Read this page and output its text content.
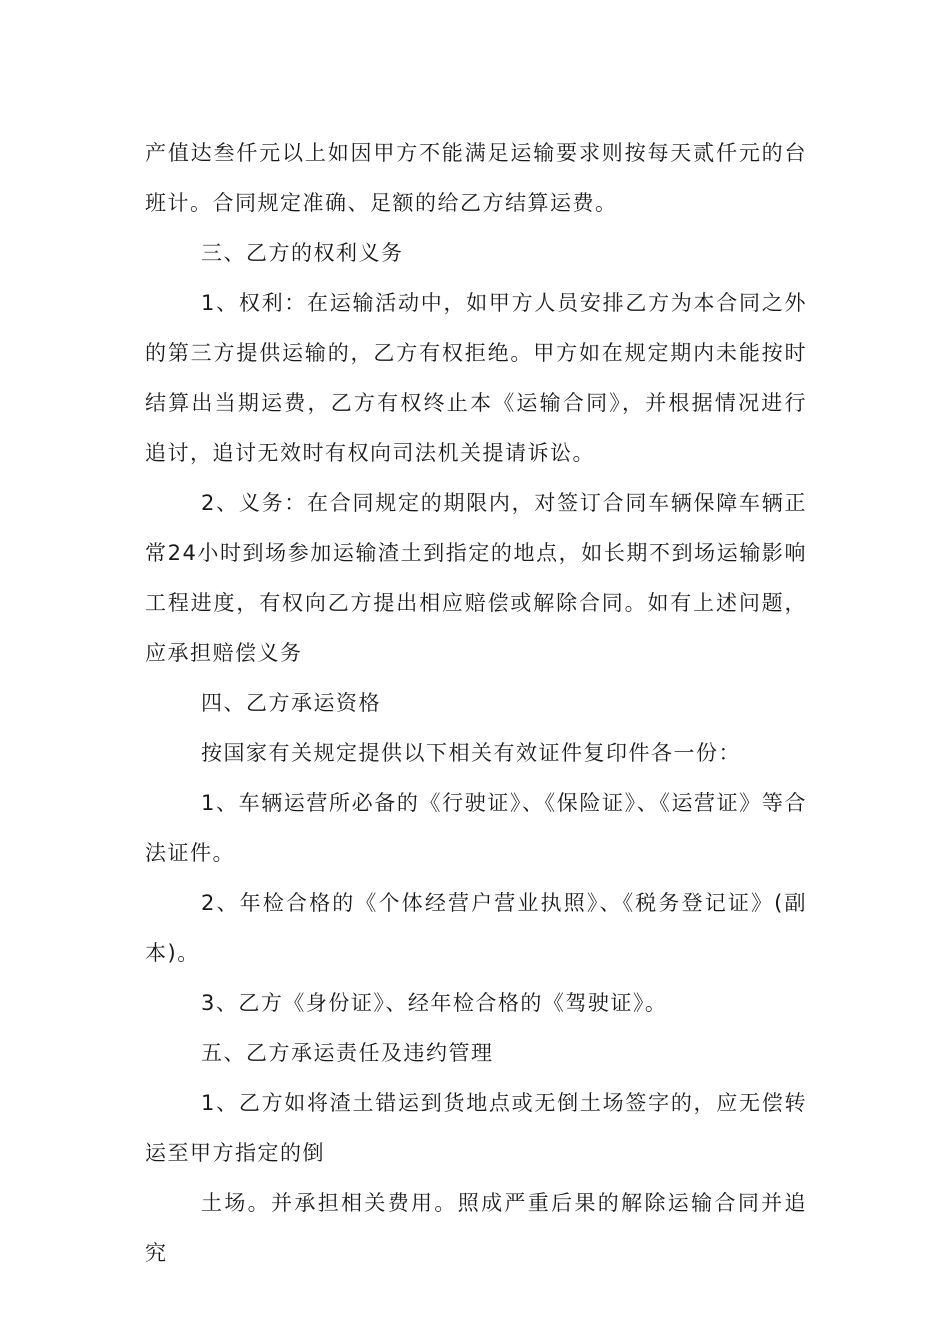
产值达叁仟元以上如因甲方不能满足运输要求则按每天贰仟元的台班计。合同规定准确、足额的给乙方结算运费。

三、乙方的权利义务

1、权利：在运输活动中，如甲方人员安排乙方为本合同之外的第三方提供运输的，乙方有权拒绝。甲方如在规定期内未能按时结算出当期运费，乙方有权终止本《运输合同》，并根据情况进行追讨，追讨无效时有权向司法机关提请诉讼。

2、义务：在合同规定的期限内，对签订合同车辆保障车辆正常24小时到场参加运输渣土到指定的地点，如长期不到场运输影响工程进度，有权向乙方提出相应赔偿或解除合同。如有上述问题，应承担赔偿义务

四、乙方承运资格

按国家有关规定提供以下相关有效证件复印件各一份：

1、车辆运营所必备的《行驶证》、《保险证》、《运营证》等合法证件。

2、年检合格的《个体经营户营业执照》、《税务登记证》(副本)。

3、乙方《身份证》、经年检合格的《驾驶证》。

五、乙方承运责任及违约管理

1、乙方如将渣土错运到货地点或无倒土场签字的，应无偿转运至甲方指定的倒

土场。并承担相关费用。照成严重后果的解除运输合同并追究
